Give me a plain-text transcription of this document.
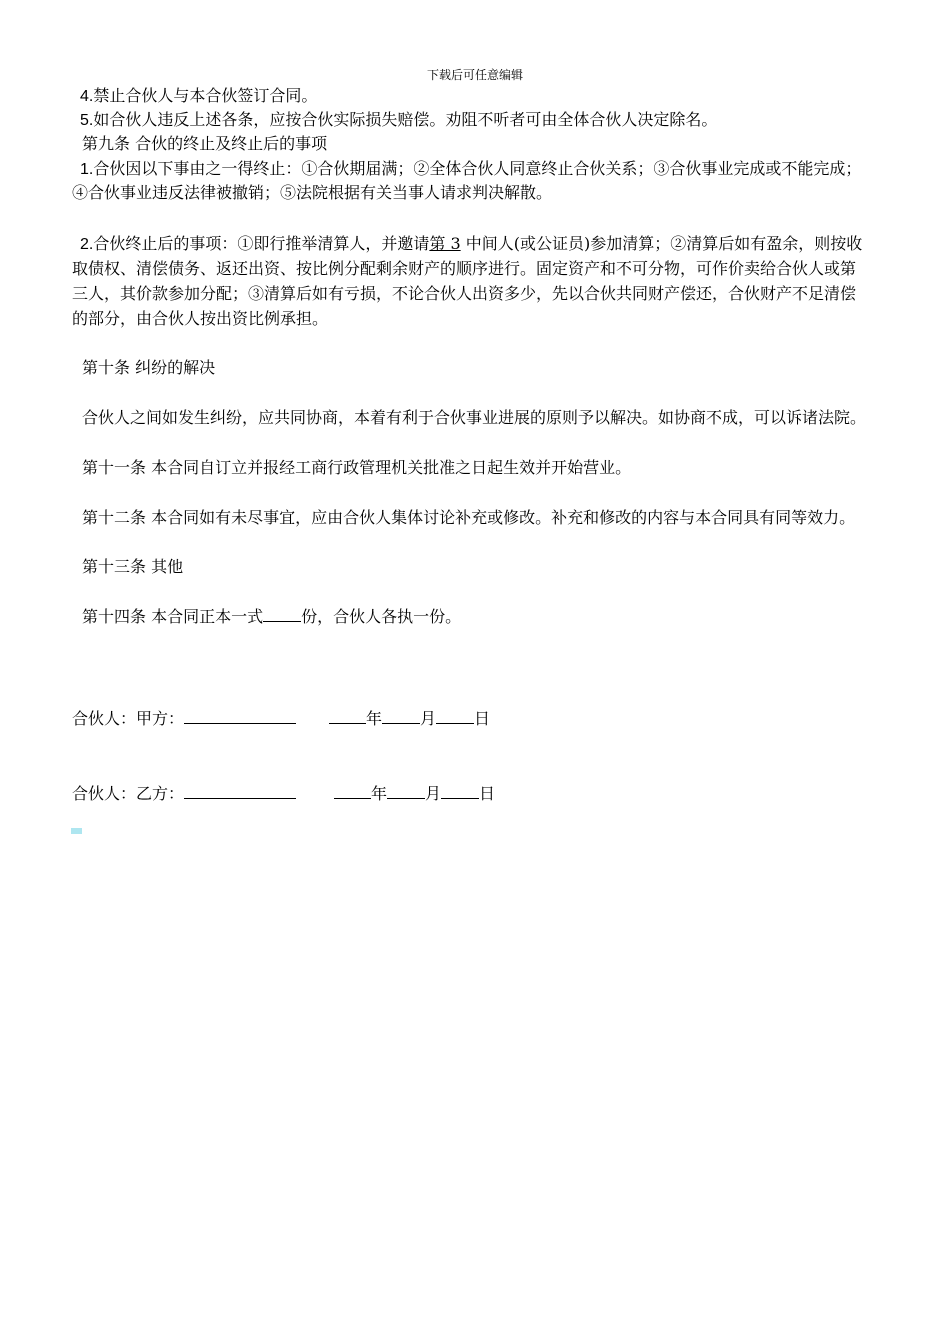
下载后可任意编辑
4.禁止合伙人与本合伙签订合同。
5.如合伙人违反上述各条，应按合伙实际损失赔偿。劝阻不听者可由全体合伙人决定除名。
第九条 合伙的终止及终止后的事项
1.合伙因以下事由之一得终止：①合伙期届满；②全体合伙人同意终止合伙关系；③合伙事业完成或不能完成；
④合伙事业违反法律被撤销；⑤法院根据有关当事人请求判决解散。
2.合伙终止后的事项：①即行推举清算人，并邀请第 3 中间人(或公证员)参加清算；②清算后如有盈余，则按收
取债权、清偿债务、返还出资、按比例分配剩余财产的顺序进行。固定资产和不可分物，可作价卖给合伙人或第
三人，其价款参加分配；③清算后如有亏损，不论合伙人出资多少，先以合伙共同财产偿还，合伙财产不足清偿
的部分，由合伙人按出资比例承担。
第十条 纠纷的解决
合伙人之间如发生纠纷，应共同协商，本着有利于合伙事业进展的原则予以解决。如协商不成，可以诉诸法院。
第十一条 本合同自订立并报经工商行政管理机关批准之日起生效并开始营业。
第十二条 本合同如有未尽事宜，应由合伙人集体讨论补充或修改。补充和修改的内容与本合同具有同等效力。
第十三条 其他
第十四条 本合同正本一式 份，合伙人各执一份。
合伙人：甲方：	年 月 日
合伙人：乙方：	年 月 日
